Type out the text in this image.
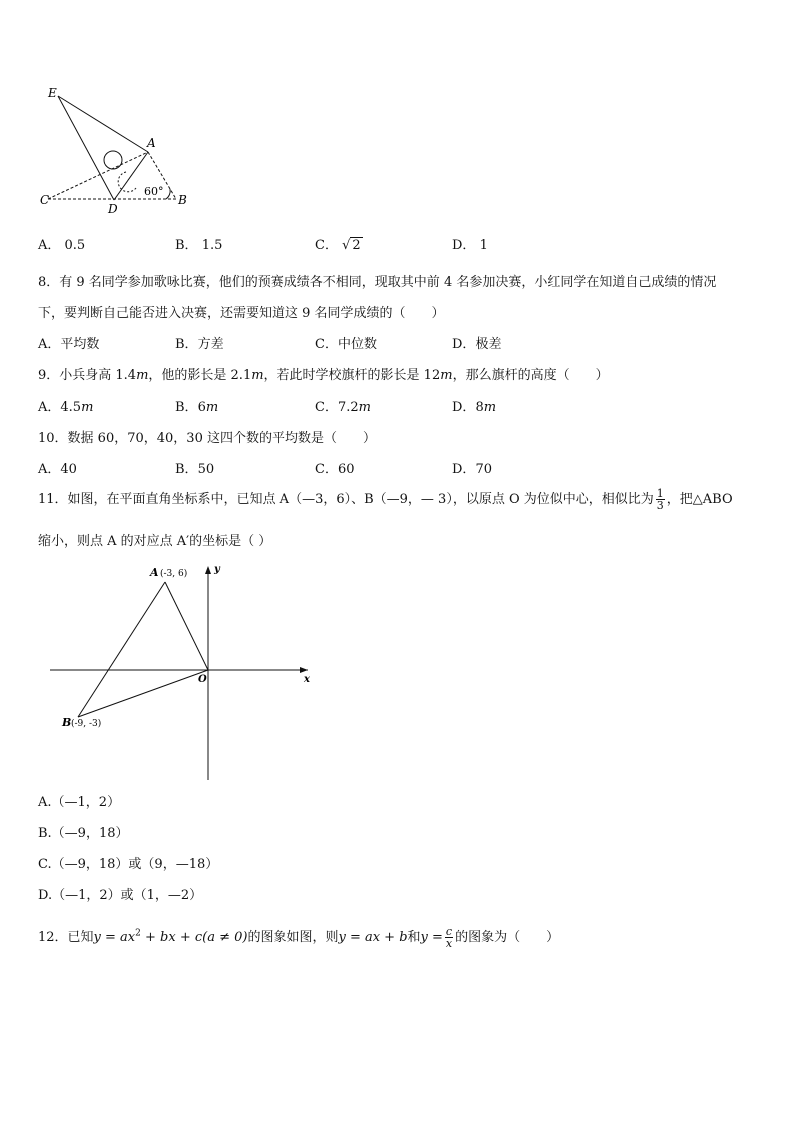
E
A
C
D
B
60°
A． 0.5	B． 1.5	C． √ 2	D． 1
8．有 9 名同学参加歌咏比赛，他们的预赛成绩各不相同，现取其中前 4 名参加决赛，小红同学在知道自己成绩的情况
下，要判断自己能否进入决赛，还需要知道这 9 名同学成绩的（　　）
A．平均数	B．方差	C．中位数	D．极差
9．小兵身高 1.4m，他的影长是 2.1m，若此时学校旗杆的影长是 12m，那么旗杆的高度（　　）
A．4.5m	B．6m	C．7.2m	D．8m
10．数据 60，70，40，30 这四个数的平均数是（　　）
A．40	B．50	C．60	D．70
11．如图，在平面直角坐标系中，已知点 A（—3，6）、B（—9，— 3），以原点 O 为位似中心，相似比为 $\frac{1}{3}$ ，把△ABO
缩小，则点 A 的对应点 A′的坐标是（ ）
A (-3, 6)
B (-9, -3)
O	x
y
A.（—1，2）
B.（—9，18）
C.（—9，18）或（9，—18）
D.（—1，2）或（1，—2）
12．已知$y = ax^2$ + bx + c(a ≠ 0)的图象如图，则y = ax + b和$y = \frac{c}{x}$ 的图象为（　　）
